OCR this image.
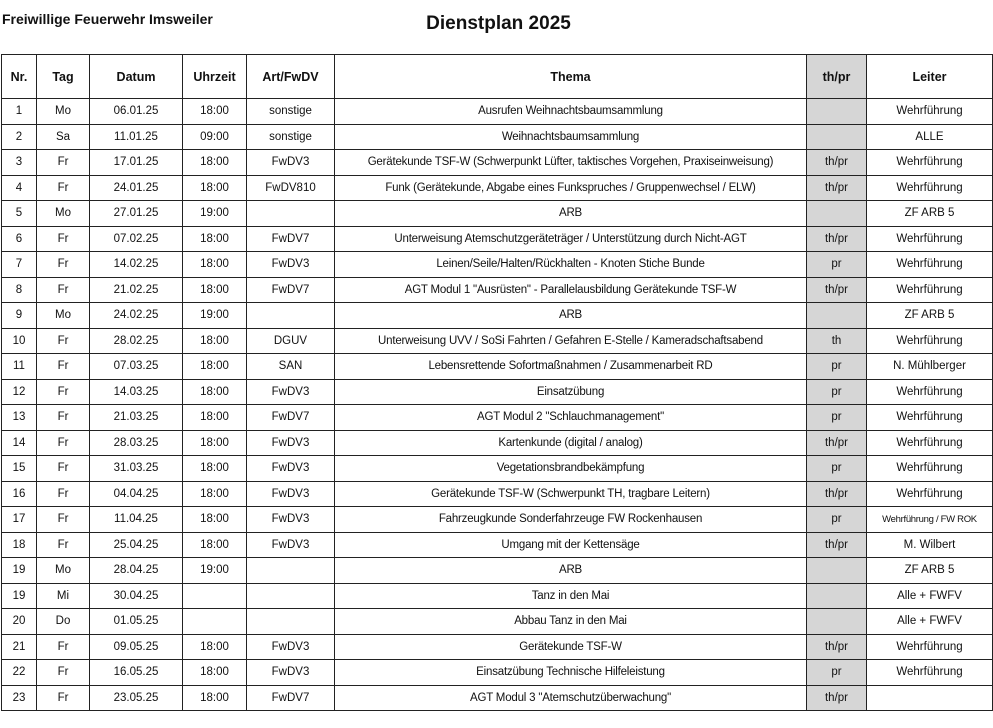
Freiwillige Feuerwehr Imsweiler	Dienstplan 2025
Nr.	Tag	Datum	Uhrzeit	Art/FwDV	Thema	th/pr	Leiter
1	Mo	06.01.25	18:00	sonstige	Ausrufen Weihnachtsbaumsammlung		Wehrführung
2	Sa	11.01.25	09:00	sonstige	Weihnachtsbaumsammlung		ALLE
3	Fr	17.01.25	18:00	FwDV3	Gerätekunde TSF-W (Schwerpunkt Lüfter, taktisches Vorgehen, Praxiseinweisung)	th/pr	Wehrführung
4	Fr	24.01.25	18:00	FwDV810	Funk (Gerätekunde, Abgabe eines Funkspruches / Gruppenwechsel / ELW)	th/pr	Wehrführung
5	Mo	27.01.25	19:00		ARB		ZF ARB 5
6	Fr	07.02.25	18:00	FwDV7	Unterweisung Atemschutzgeräteträger / Unterstützung durch Nicht-AGT	th/pr	Wehrführung
7	Fr	14.02.25	18:00	FwDV3	Leinen/Seile/Halten/Rückhalten - Knoten Stiche Bunde	pr	Wehrführung
8	Fr	21.02.25	18:00	FwDV7	AGT Modul 1 "Ausrüsten" - Parallelausbildung Gerätekunde TSF-W	th/pr	Wehrführung
9	Mo	24.02.25	19:00		ARB		ZF ARB 5
10	Fr	28.02.25	18:00	DGUV	Unterweisung UVV / SoSi Fahrten / Gefahren E-Stelle / Kameradschaftsabend	th	Wehrführung
11	Fr	07.03.25	18:00	SAN	Lebensrettende Sofortmaßnahmen / Zusammenarbeit RD	pr	N. Mühlberger
12	Fr	14.03.25	18:00	FwDV3	Einsatzübung	pr	Wehrführung
13	Fr	21.03.25	18:00	FwDV7	AGT Modul 2 "Schlauchmanagement"	pr	Wehrführung
14	Fr	28.03.25	18:00	FwDV3	Kartenkunde (digital / analog)	th/pr	Wehrführung
15	Fr	31.03.25	18:00	FwDV3	Vegetationsbrandbekämpfung	pr	Wehrführung
16	Fr	04.04.25	18:00	FwDV3	Gerätekunde TSF-W (Schwerpunkt TH, tragbare Leitern)	th/pr	Wehrführung
17	Fr	11.04.25	18:00	FwDV3	Fahrzeugkunde Sonderfahrzeuge FW Rockenhausen	pr	Wehrführung / FW ROK
18	Fr	25.04.25	18:00	FwDV3	Umgang mit der Kettensäge	th/pr	M. Wilbert
19	Mo	28.04.25	19:00		ARB		ZF ARB 5
19	Mi	30.04.25			Tanz in den Mai		Alle + FWFV
20	Do	01.05.25			Abbau Tanz in den Mai		Alle + FWFV
21	Fr	09.05.25	18:00	FwDV3	Gerätekunde TSF-W	th/pr	Wehrführung
22	Fr	16.05.25	18:00	FwDV3	Einsatzübung Technische Hilfeleistung	pr	Wehrführung
23	Fr	23.05.25	18:00	FwDV7	AGT Modul 3 "Atemschutzüberwachung"	th/pr	
